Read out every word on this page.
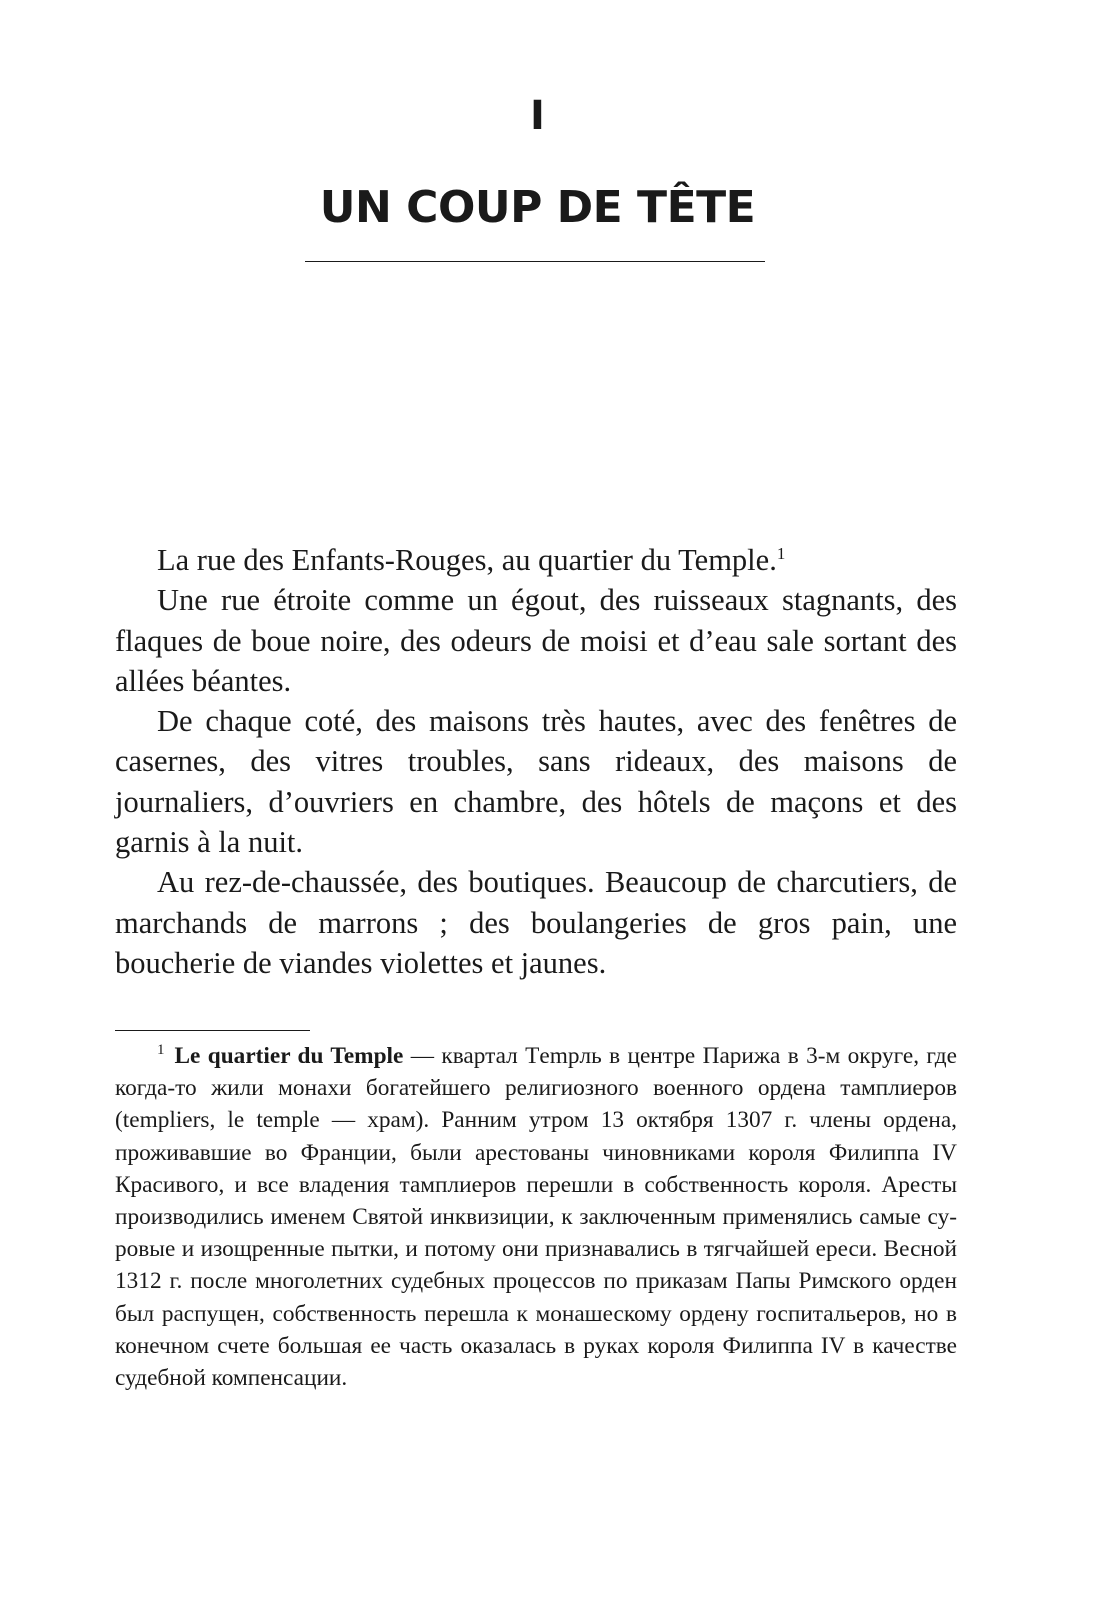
I
UN COUP DE TÊTE

La rue des Enfants-Rouges, au quartier du Temple.$^1$

Une rue étroite comme un égout, des ruisseaux stagnants, des flaques de boue noire, des odeurs de moisi et d’eau sale sortant des allées béantes.

De chaque coté, des maisons très hautes, avec des fenêtres de casernes, des vitres troubles, sans rideaux, des maisons de journaliers, d’ouvriers en chambre, des hôtels de maçons et des garnis à la nuit.

Au rez-de-chaussée, des boutiques. Beaucoup de charcutiers, de marchands de marrons ; des boulangeries de gros pain, une boucherie de viandes violettes et jaunes.

$^1$ Le quartier du Temple — квартал Тempль в центре Парижа в 3-м округе, где когда-то жили монахи богатейшего религиозного военного ордена тамплиеров (templiers, le temple — храм). Ранним утром 13 октября 1307 г. члены ордена, проживавшие во Франции, были арестованы чиновниками короля Филиппа IV Красивого, и все владения тамплиеров перешли в собственность короля. Аресты производились именем Святой инквизиции, к заключенным применялись самые суровые и изощренные пытки, и потому они признавались в тягчайшей ереси. Весной 1312 г. после многолетних судебных процессов по приказам Папы Римского орден был распущен, собственность перешла к монашескому ордену госпитальеров, но в конечном счете большая ее часть оказалась в руках короля Филиппа IV в качестве судебной компенсации.
